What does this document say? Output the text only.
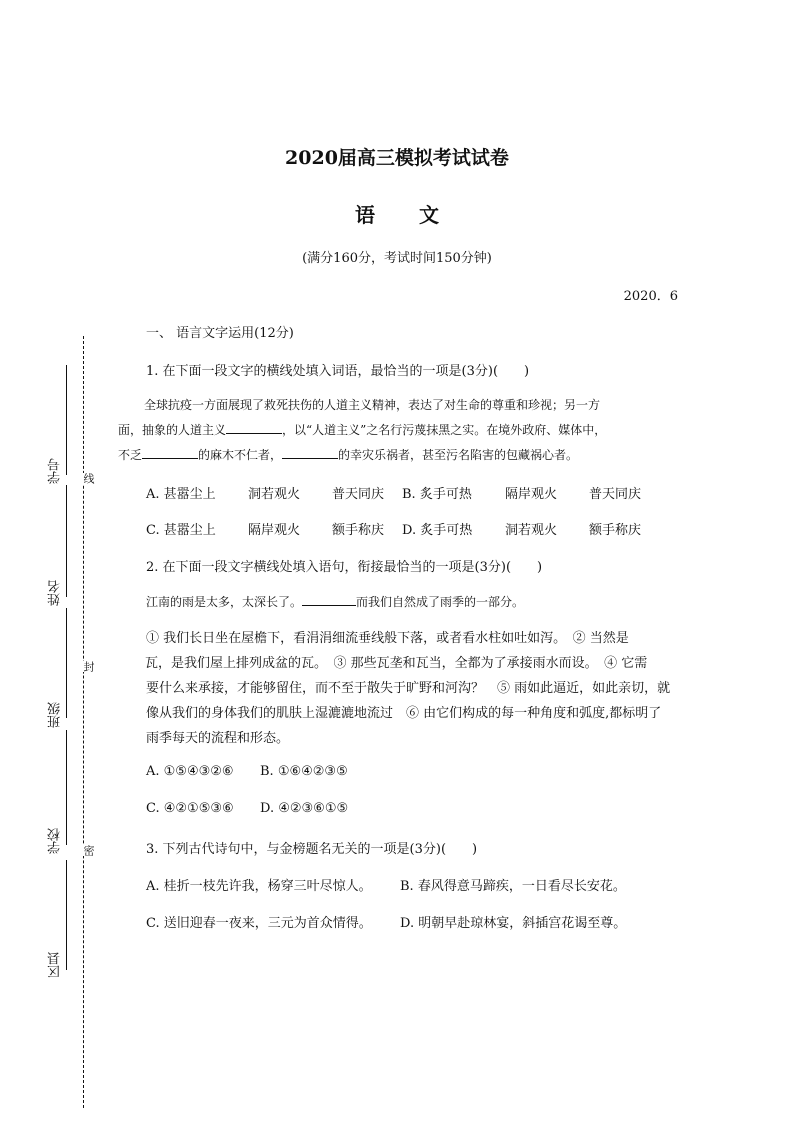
2020届高三模拟考试试卷
语 文
(满分160分，考试时间150分钟)
2020．6
学号
姓名
班级
学校
区县
线
封
密
一、 语言文字运用(12分)
1. 在下面一段文字的横线处填入词语，最恰当的一项是(3分)(　　)
全球抗疫一方面展现了救死扶伤的人道主义精神，表达了对生命的尊重和珍视；另一方
面，抽象的人道主义	，以“人道主义”之名行污蔑抹黑之实。在境外政府、媒体中，
不乏	的麻木不仁者，	的幸灾乐祸者，甚至污名陷害的包藏祸心者。
A. 甚嚣尘上 洞若观火 普天同庆 B. 炙手可热	隔岸观火 普天同庆
C. 甚嚣尘上 隔岸观火 额手称庆 D. 炙手可热	洞若观火 额手称庆
2. 在下面一段文字横线处填入语句，衔接最恰当的一项是(3分)(　　)
江南的雨是太多，太深长了。	而我们自然成了雨季的一部分。
① 我们长日坐在屋檐下，看涓涓细流垂线般下落，或者看水柱如吐如泻。　② 当然是
瓦，是我们屋上排列成盆的瓦。　③ 那些瓦垄和瓦当，全都为了承接雨水而设。　④ 它需
要什么来承接，才能够留住，而不至于散失于旷野和河沟？　⑤ 雨如此逼近，如此亲切，就
像从我们的身体我们的肌肤上湿漉漉地流过　⑥ 由它们构成的每一种角度和弧度,都标明了
雨季每天的流程和形态。
A. ①⑤④③②⑥ B. ①⑥④②③⑤
C. ④②①⑤③⑥ D. ④②③⑥①⑤
3. 下列古代诗句中，与金榜题名无关的一项是(3分)(　　)
A. 桂折一枝先许我，杨穿三叶尽惊人。 B. 春风得意马蹄疾，一日看尽长安花。
C. 送旧迎春一夜来，三元为首众情得。 D. 明朝早赴琼林宴，斜插宫花谒至尊。
